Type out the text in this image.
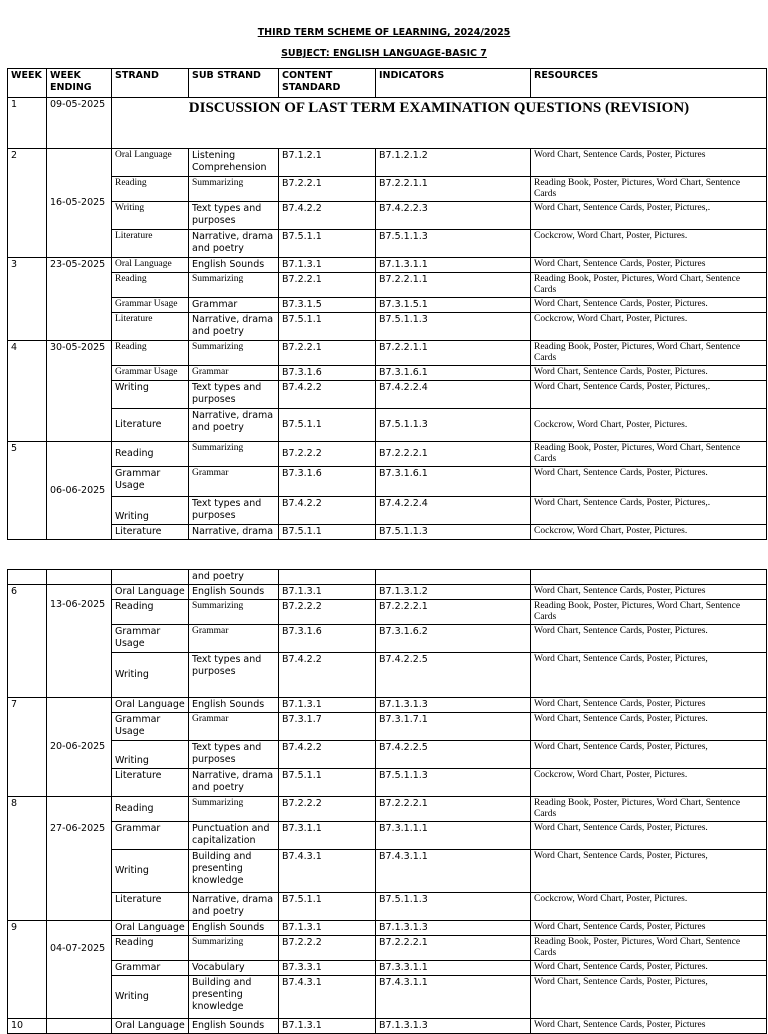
THIRD TERM SCHEME OF LEARNING, 2024/2025
SUBJECT: ENGLISH LANGUAGE-BASIC 7
WEEK	WEEK ENDING	STRAND	SUB STRAND	CONTENT STANDARD	INDICATORS	RESOURCES
1	09-05-2025	DISCUSSION OF LAST TERM EXAMINATION QUESTIONS (REVISION)				
2	16-05-2025	Oral Language	Listening Comprehension	B7.1.2.1	B7.1.2.1.2	Word Chart, Sentence Cards, Poster, Pictures
		Reading	Summarizing	B7.2.2.1	B7.2.2.1.1	Reading Book, Poster, Pictures, Word Chart, Sentence Cards
		Writing	Text types and purposes	B7.4.2.2	B7.4.2.2.3	Word Chart, Sentence Cards, Poster, Pictures,.
		Literature	Narrative, drama and poetry	B7.5.1.1	B7.5.1.1.3	Cockcrow, Word Chart, Poster, Pictures.
3	23-05-2025	Oral Language	English Sounds	B7.1.3.1	B7.1.3.1.1	Word Chart, Sentence Cards, Poster, Pictures
		Reading	Summarizing	B7.2.2.1	B7.2.2.1.1	Reading Book, Poster, Pictures, Word Chart, Sentence Cards
		Grammar Usage	Grammar	B7.3.1.5	B7.3.1.5.1	Word Chart, Sentence Cards, Poster, Pictures.
		Literature	Narrative, drama and poetry	B7.5.1.1	B7.5.1.1.3	Cockcrow, Word Chart, Poster, Pictures.
4	30-05-2025	Reading	Summarizing	B7.2.2.1	B7.2.2.1.1	Reading Book, Poster, Pictures, Word Chart, Sentence Cards
		Grammar Usage	Grammar	B7.3.1.6	B7.3.1.6.1	Word Chart, Sentence Cards, Poster, Pictures.
		Writing	Text types and purposes	B7.4.2.2	B7.4.2.2.4	Word Chart, Sentence Cards, Poster, Pictures,.
		Literature	Narrative, drama and poetry	B7.5.1.1	B7.5.1.1.3	Cockcrow, Word Chart, Poster, Pictures.
5	06-06-2025	Reading	Summarizing	B7.2.2.2	B7.2.2.2.1	Reading Book, Poster, Pictures, Word Chart, Sentence Cards
		Grammar Usage	Grammar	B7.3.1.6	B7.3.1.6.1	Word Chart, Sentence Cards, Poster, Pictures.
		Writing	Text types and purposes	B7.4.2.2	B7.4.2.2.4	Word Chart, Sentence Cards, Poster, Pictures,.
		Literature	Narrative, drama	B7.5.1.1	B7.5.1.1.3	Cockcrow, Word Chart, Poster, Pictures.
			and poetry			
6	13-06-2025	Oral Language	English Sounds	B7.1.3.1	B7.1.3.1.2	Word Chart, Sentence Cards, Poster, Pictures
		Reading	Summarizing	B7.2.2.2	B7.2.2.2.1	Reading Book, Poster, Pictures, Word Chart, Sentence Cards
		Grammar Usage	Grammar	B7.3.1.6	B7.3.1.6.2	Word Chart, Sentence Cards, Poster, Pictures.
		Writing	Text types and purposes	B7.4.2.2	B7.4.2.2.5	Word Chart, Sentence Cards, Poster, Pictures,
7	20-06-2025	Oral Language	English Sounds	B7.1.3.1	B7.1.3.1.3	Word Chart, Sentence Cards, Poster, Pictures
		Grammar Usage	Grammar	B7.3.1.7	B7.3.1.7.1	Word Chart, Sentence Cards, Poster, Pictures.
		Writing	Text types and purposes	B7.4.2.2	B7.4.2.2.5	Word Chart, Sentence Cards, Poster, Pictures,
		Literature	Narrative, drama and poetry	B7.5.1.1	B7.5.1.1.3	Cockcrow, Word Chart, Poster, Pictures.
8	27-06-2025	Reading	Summarizing	B7.2.2.2	B7.2.2.2.1	Reading Book, Poster, Pictures, Word Chart, Sentence Cards
		Grammar	Punctuation and capitalization	B7.3.1.1	B7.3.1.1.1	Word Chart, Sentence Cards, Poster, Pictures.
		Writing	Building and presenting knowledge	B7.4.3.1	B7.4.3.1.1	Word Chart, Sentence Cards, Poster, Pictures,
		Literature	Narrative, drama and poetry	B7.5.1.1	B7.5.1.1.3	Cockcrow, Word Chart, Poster, Pictures.
9	04-07-2025	Oral Language	English Sounds	B7.1.3.1	B7.1.3.1.3	Word Chart, Sentence Cards, Poster, Pictures
		Reading	Summarizing	B7.2.2.2	B7.2.2.2.1	Reading Book, Poster, Pictures, Word Chart, Sentence Cards
		Grammar	Vocabulary	B7.3.3.1	B7.3.3.1.1	Word Chart, Sentence Cards, Poster, Pictures.
		Writing	Building and presenting knowledge	B7.4.3.1	B7.4.3.1.1	Word Chart, Sentence Cards, Poster, Pictures,
10		Oral Language	English Sounds	B7.1.3.1	B7.1.3.1.3	Word Chart, Sentence Cards, Poster, Pictures
